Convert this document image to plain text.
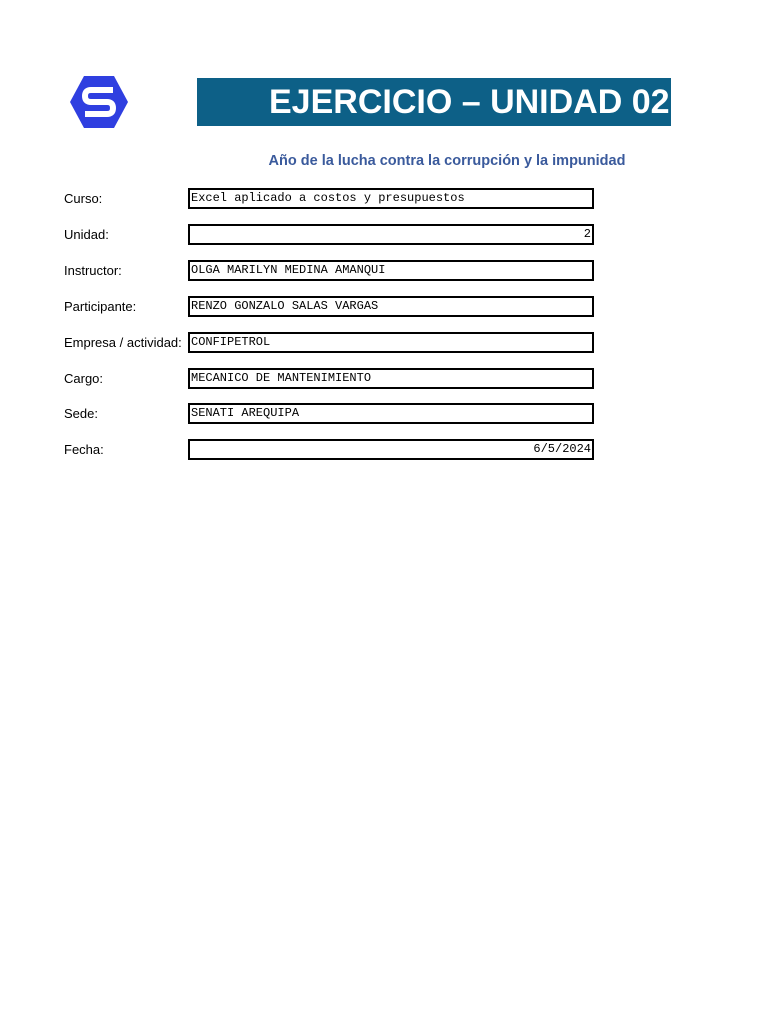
EJERCICIO – UNIDAD 02
Año de la lucha contra la corrupción y la impunidad
Curso:	Excel aplicado a costos y presupuestos
Unidad:	2
Instructor:	OLGA MARILYN MEDINA AMANQUI
Participante:	RENZO GONZALO SALAS VARGAS
Empresa / actividad: CONFIPETROL
Cargo:	MECANICO DE MANTENIMIENTO
Sede:	SENATI AREQUIPA
Fecha:	6/5/2024
